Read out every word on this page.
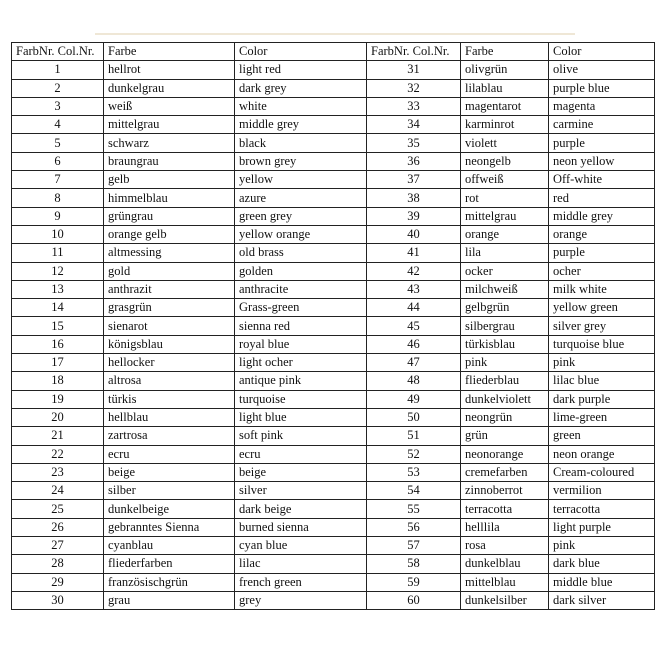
FarbNr. Col.Nr.	Farbe	Color	FarbNr. Col.Nr.	Farbe	Color
1	hellrot	light red	31	olivgrün	olive
2	dunkelgrau	dark grey	32	lilablau	purple blue
3	weiß	white	33	magentarot	magenta
4	mittelgrau	middle grey	34	karminrot	carmine
5	schwarz	black	35	violett	purple
6	braungrau	brown grey	36	neongelb	neon yellow
7	gelb	yellow	37	offweiß	Off-white
8	himmelblau	azure	38	rot	red
9	grüngrau	green grey	39	mittelgrau	middle grey
10	orange gelb	yellow orange	40	orange	orange
11	altmessing	old brass	41	lila	purple
12	gold	golden	42	ocker	ocher
13	anthrazit	anthracite	43	milchweiß	milk white
14	grasgrün	Grass-green	44	gelbgrün	yellow green
15	sienarot	sienna red	45	silbergrau	silver grey
16	königsblau	royal blue	46	türkisblau	turquoise blue
17	hellocker	light ocher	47	pink	pink
18	altrosa	antique pink	48	fliederblau	lilac blue
19	türkis	turquoise	49	dunkelviolett	dark purple
20	hellblau	light blue	50	neongrün	lime-green
21	zartrosa	soft pink	51	grün	green
22	ecru	ecru	52	neonorange	neon orange
23	beige	beige	53	cremefarben	Cream-coloured
24	silber	silver	54	zinnoberrot	vermilion
25	dunkelbeige	dark beige	55	terracotta	terracotta
26	gebranntes Sienna	burned sienna	56	helllila	light purple
27	cyanblau	cyan blue	57	rosa	pink
28	fliederfarben	lilac	58	dunkelblau	dark blue
29	französischgrün	french green	59	mittelblau	middle blue
30	grau	grey	60	dunkelsilber	dark silver
